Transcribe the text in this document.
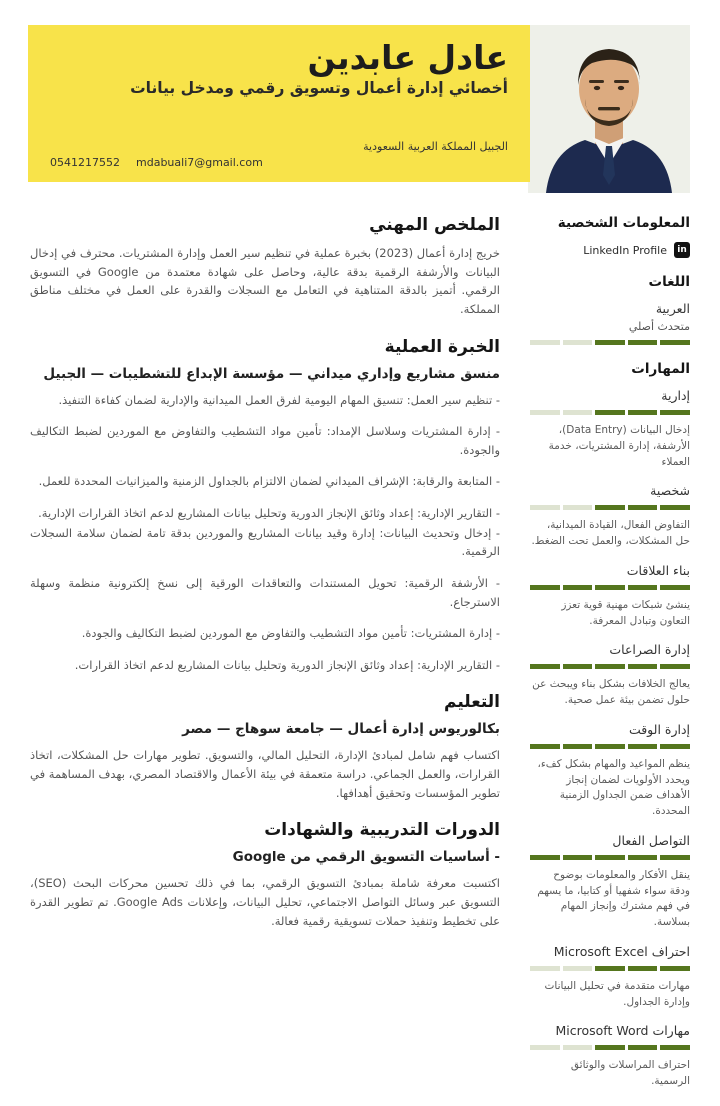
عادل عابدين
أخصائي إدارة أعمال وتسويق رقمي ومدخل بيانات
الجبيل المملكة العربية السعودية
0541217552 mdabuali7@gmail.com
المعلومات الشخصية
in
LinkedIn Profile
اللغات
العربية
متحدث أصلي
المهارات
إدارية
إدخال البيانات (Data Entry)، الأرشفة، إدارة المشتريات، خدمة العملاء
شخصية
التفاوض الفعال، القيادة الميدانية، حل المشكلات، والعمل تحت الضغط.
بناء العلاقات
ينشئ شبكات مهنية قوية تعزز التعاون وتبادل المعرفة.
إدارة الصراعات
يعالج الخلافات بشكل بناء ويبحث عن حلول تضمن بيئة عمل صحية.
إدارة الوقت
ينظم المواعيد والمهام بشكل كفء، ويحدد الأولويات لضمان إنجاز الأهداف ضمن الجداول الزمنية المحددة.
التواصل الفعال
ينقل الأفكار والمعلومات بوضوح ودقة سواء شفهيا أو كتابيا، ما يسهم في فهم مشترك وإنجاز المهام بسلاسة.
احتراف Microsoft Excel
مهارات متقدمة في تحليل البيانات وإدارة الجداول.
مهارات Microsoft Word
احتراف المراسلات والوثائق الرسمية.
الملخص المهني

خريج إدارة أعمال (2023) بخبرة عملية في تنظيم سير العمل وإدارة المشتريات. محترف في إدخال البيانات والأرشفة الرقمية بدقة عالية، وحاصل على شهادة معتمدة من Google في التسويق الرقمي. أتميز بالدقة المتناهية في التعامل مع السجلات والقدرة على العمل في مختلف مناطق المملكة.

الخبرة العملية

منسق مشاريع وإداري ميداني — مؤسسة الإبداع للتشطيبات — الجبيل

- تنظيم سير العمل: تنسيق المهام اليومية لفرق العمل الميدانية والإدارية لضمان كفاءة التنفيذ.

- إدارة المشتريات وسلاسل الإمداد: تأمين مواد التشطيب والتفاوض مع الموردين لضبط التكاليف والجودة.

- المتابعة والرقابة: الإشراف الميداني لضمان الالتزام بالجداول الزمنية والميزانيات المحددة للعمل.

- التقارير الإدارية: إعداد وثائق الإنجاز الدورية وتحليل بيانات المشاريع لدعم اتخاذ القرارات الإدارية.

- إدخال وتحديث البيانات: إدارة وقيد بيانات المشاريع والموردين بدقة تامة لضمان سلامة السجلات الرقمية.

- الأرشفة الرقمية: تحويل المستندات والتعاقدات الورقية إلى نسخ إلكترونية منظمة وسهلة الاسترجاع.

- إدارة المشتريات: تأمين مواد التشطيب والتفاوض مع الموردين لضبط التكاليف والجودة.

- التقارير الإدارية: إعداد وثائق الإنجاز الدورية وتحليل بيانات المشاريع لدعم اتخاذ القرارات.

التعليم

بكالوريوس إدارة أعمال — جامعة سوهاج — مصر

اكتساب فهم شامل لمبادئ الإدارة، التحليل المالي، والتسويق. تطوير مهارات حل المشكلات، اتخاذ القرارات، والعمل الجماعي. دراسة متعمقة في بيئة الأعمال والاقتصاد المصري، بهدف المساهمة في تطوير المؤسسات وتحقيق أهدافها.

الدورات التدريبية والشهادات

- أساسيات التسويق الرقمي من Google

اكتسبت معرفة شاملة بمبادئ التسويق الرقمي، بما في ذلك تحسين محركات البحث (SEO)، التسويق عبر وسائل التواصل الاجتماعي، تحليل البيانات، وإعلانات Google Ads. تم تطوير القدرة على تخطيط وتنفيذ حملات تسويقية رقمية فعالة.
